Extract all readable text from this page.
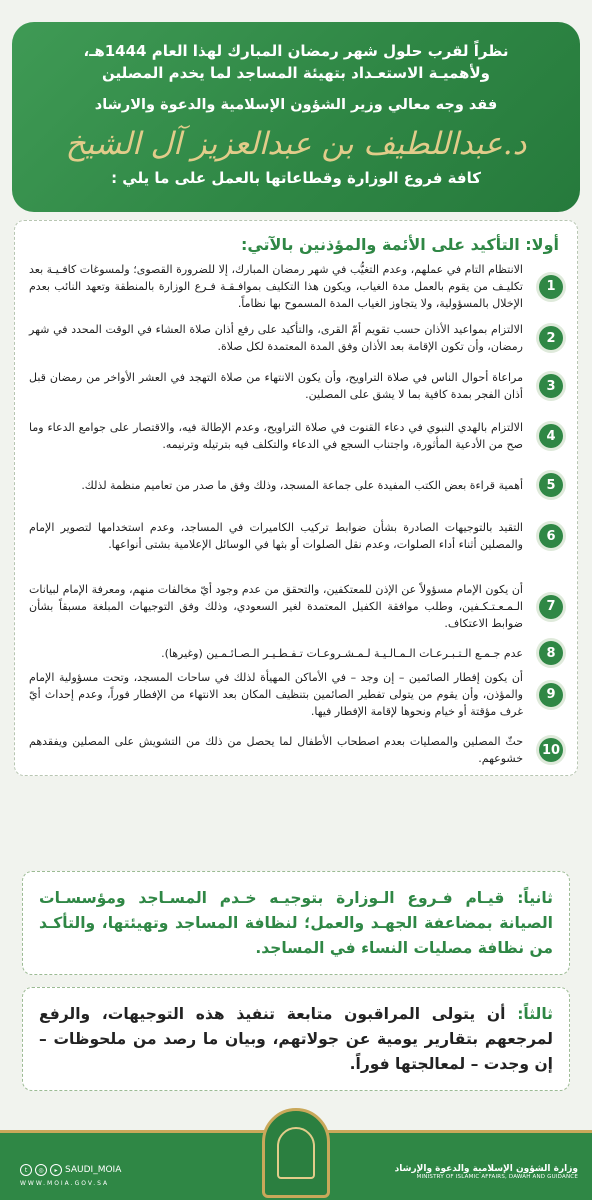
نظراً لقرب حلول شهر رمضان المبارك لهذا العام 1444هـ،
ولأهميـة الاستعـداد بتهيئة المساجد لما يخدم المصلين
فقد وجه معالي وزير الشؤون الإسلامية والدعوة والارشاد
د.عبداللطيف بن عبدالعزيز آل الشيخ
كافة فروع الوزارة وقطاعاتها بالعمل على ما يلي :
أولا: التأكيد على الأئمة والمؤذنين بالآتي:
1
الانتظام التام في عملهم، وعدم التغيُّب في شهر رمضان المبارك، إلا للضرورة القصوى؛ ولمسوغات كافـيـة بعد تكليـف من يقوم بالعمل مدة الغياب، ويكون هذا التكليف بموافـقـة فـرع الوزارة بالمنطقة وتعهد النائب بعدم الإخلال بالمسؤولية، ولا يتجاوز الغياب المدة المسموح بها نظاماً.
2
الالتزام بمواعيد الأذان حسب تقويم أمّ القرى، والتأكيد على رفع أذان صلاة العشاء في الوقت المحدد في شهر رمضان، وأن تكون الإقامة بعد الأذان وفق المدة المعتمدة لكل صلاة.
3
مراعاة أحوال الناس في صلاة التراويح، وأن يكون الانتهاء من صلاة التهجد في العشر الأواخر من رمضان قبل أذان الفجر بمدة كافية بما لا يشق على المصلين.
4
الالتزام بالهدي النبوي في دعاء القنوت في صلاة التراويح، وعدم الإطالة فيه، والاقتصار على جوامع الدعاء وما صح من الأدعية المأثورة، واجتناب السجع في الدعاء والتكلف فيه بترتيله وترنيمه.
5
أهمية قراءة بعض الكتب المفيدة على جماعة المسجد، وذلك وفق ما صدر من تعاميم منظمة لذلك.
6
التقيد بالتوجيهات الصادرة بشأن ضوابط تركيب الكاميرات في المساجد، وعدم استخدامها لتصوير الإمام والمصلين أثناء أداء الصلوات، وعدم نقل الصلوات أو بثها في الوسائل الإعلامية بشتى أنواعها.
7
أن يكون الإمام مسؤولاً عن الإذن للمعتكفين، والتحقق من عدم وجود أيّ مخالفات منهم، ومعرفة الإمام لبيانات الـمـعـتـكـفين، وطلب موافقة الكفيل المعتمدة لغير السعودي، وذلك وفق التوجيهات المبلغة مسبقاً بشأن ضوابط الاعتكاف.
8
عدم جـمـع الـتـبـرعـات الـمـالـيـة لـمـشـروعـات تـفـطـيـر الـصـائـمـين (وغيرها).
9
أن يكون إفطار الصائمين – إن وجد – في الأماكن المهيأة لذلك في ساحات المسجد، وتحت مسؤولية الإمام والمؤذن، وأن يقوم من يتولى تفطير الصائمين بتنظيف المكان بعد الانتهاء من الإفطار فوراً، وعدم إحداث أيّ غرف مؤقتة أو خيام ونحوها لإقامة الإفطار فيها.
10
حثّ المصلين والمصليات بعدم اصطحاب الأطفال لما يحصل من ذلك من التشويش على المصلين ويفقدهم خشوعهم.
ثانياً: قيـام فـروع الـوزارة بتوجيـه خـدم المسـاجد ومؤسسـات الصيانة بمضاعفة الجهـد والعمل؛ لنظافة المساجد وتهيئتها، والتأكـد من نظافة مصليات النساء في المساجد.
ثالثاً: أن يتولى المراقبون متابعة تنفيذ هذه التوجيهات، والرفع لمرجعهم بتقارير يومية عن جولاتهم، وبيان ما رصد من ملحوظات – إن وجدت – لمعالجتها فوراً.
وزارة الشؤون الإسلامية والدعوة والإرشاد
MINISTRY OF ISLAMIC AFFAIRS, DAWAH AND GUIDANCE
t	◎	▸ SAUDI_MOIA
WWW.MOIA.GOV.SA
